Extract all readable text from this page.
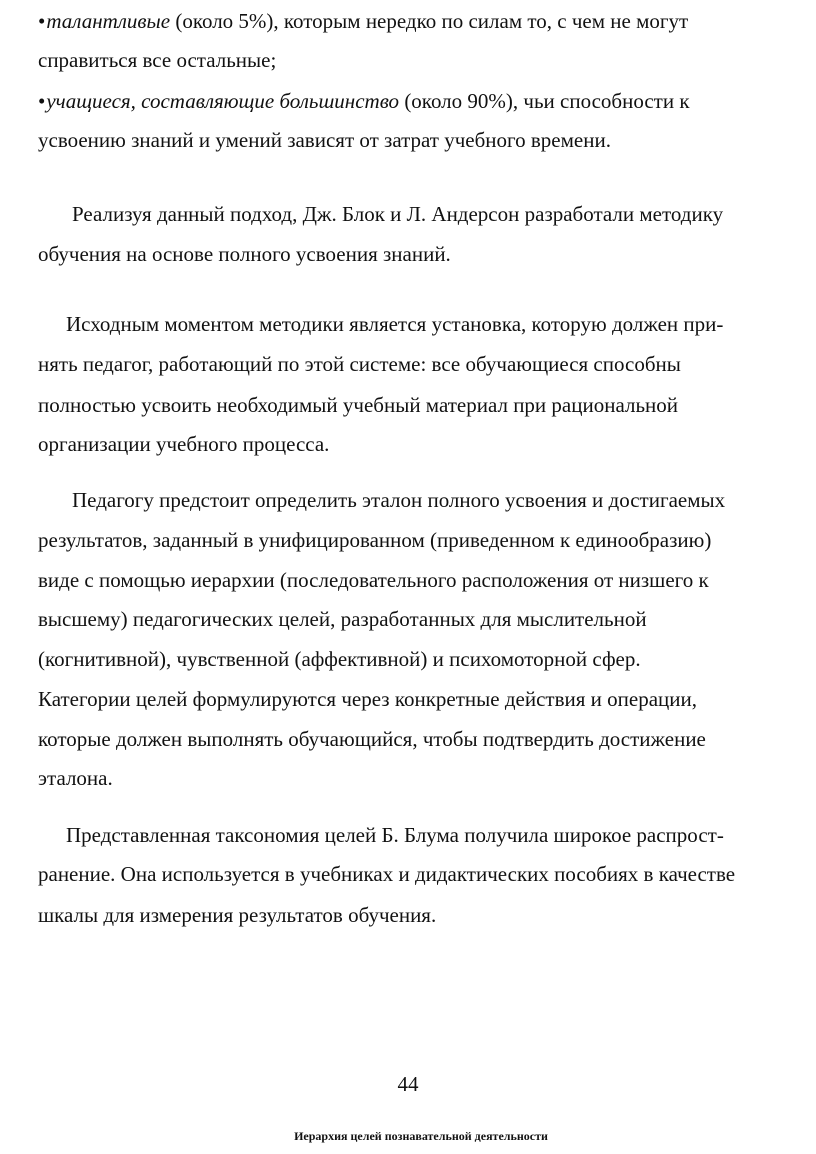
•талантливые (около 5%), которым нередко по силам то, с чем не могут
справиться все остальные;
•учащиеся, составляющие большинство (около 90%), чьи способности к
усвоению знаний и умений зависят от затрат учебного времени.
Реализуя данный подход, Дж. Блок и Л. Андерсон разработали методику
обучения на основе полного усвоения знаний.
Исходным моментом методики является установка, которую должен при-
нять педагог, работающий по этой системе: все обучающиеся способны
полностью усвоить необходимый учебный материал при рациональной
организации учебного процесса.
Педагогу предстоит определить эталон полного усвоения и достигаемых
результатов, заданный в унифицированном (приведенном к единообразию)
виде с помощью иерархии (последовательного расположения от низшего к
высшему) педагогических целей, разработанных для мыслительной
(когнитивной), чувственной (аффективной) и психомоторной сфер.
Категории целей формулируются через конкретные действия и операции,
которые должен выполнять обучающийся, чтобы подтвердить достижение
эталона.
Представленная таксономия целей Б. Блума получила широкое распрост-
ранение. Она используется в учебниках и дидактических пособиях в качестве
шкалы для измерения результатов обучения.
44
Иерархия целей познавательной деятельности
